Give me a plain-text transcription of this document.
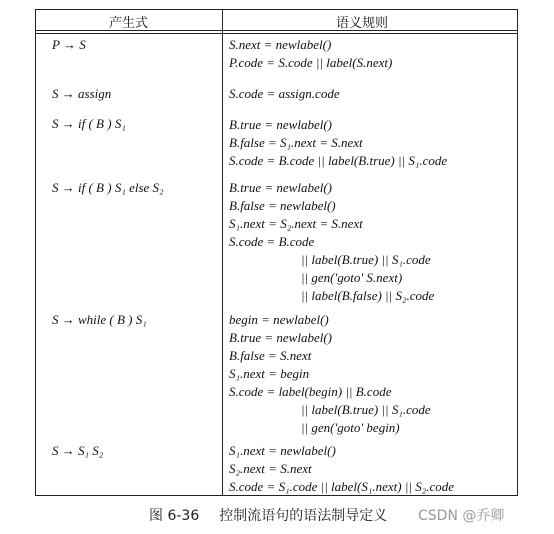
产生式	语义规则
P → S	S.next = newlabel()
P.code = S.code || label(S.next)
S → assign	S.code = assign.code
S → if ( B ) S₁	B.true = newlabel()
B.false = S₁.next = S.next
S.code = B.code || label(B.true) || S₁.code
S → if ( B ) S₁ else S₂	B.true = newlabel()
B.false = newlabel()
S₁.next = S₂.next = S.next
S.code = B.code
|| label(B.true) || S₁.code
|| gen('goto' S.next)
|| label(B.false) || S₂.code
S → while ( B ) S₁	begin = newlabel()
B.true = newlabel()
B.false = S.next
S₁.next = begin
S.code = label(begin) || B.code
|| label(B.true) || S₁.code
|| gen('goto' begin)
S → S₁ S₂	S₁.next = newlabel()
S₂.next = S.next
S.code = S₁.code || label(S₁.next) || S₂.code
图 6-36 控制流语句的语法制导定义 CSDN @乔卿
